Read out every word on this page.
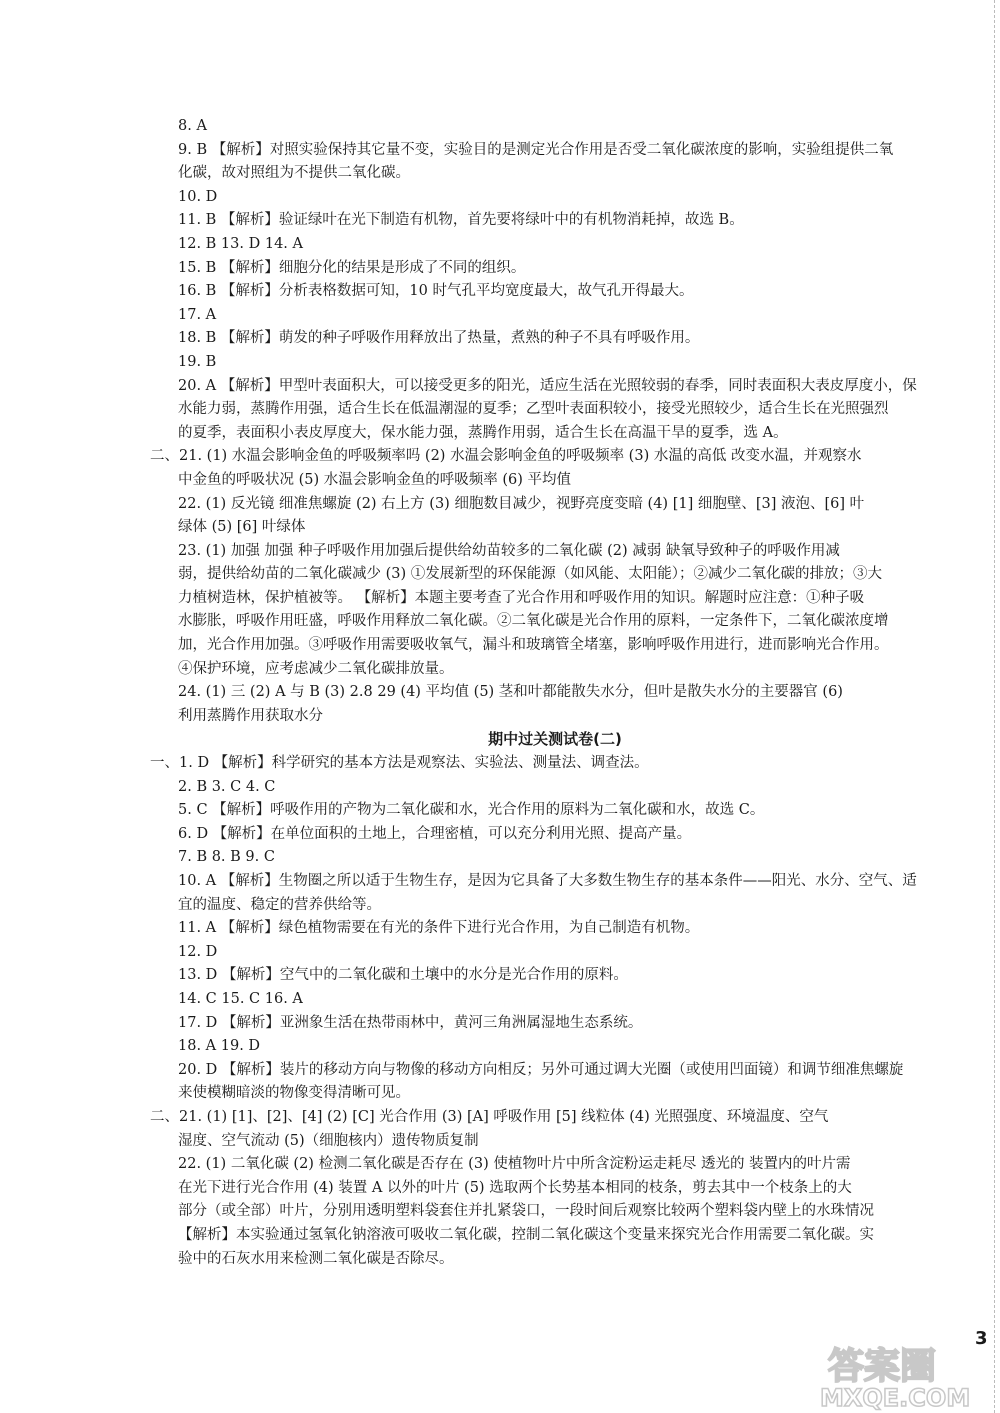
8. A
9. B 【解析】对照实验保持其它量不变，实验目的是测定光合作用是否受二氧化碳浓度的影响，实验组提供二氧
化碳，故对照组为不提供二氧化碳。
10. D
11. B 【解析】验证绿叶在光下制造有机物，首先要将绿叶中的有机物消耗掉，故选 B。
12. B 13. D 14. A
15. B 【解析】细胞分化的结果是形成了不同的组织。
16. B 【解析】分析表格数据可知，10 时气孔平均宽度最大，故气孔开得最大。
17. A
18. B 【解析】萌发的种子呼吸作用释放出了热量，煮熟的种子不具有呼吸作用。
19. B
20. A 【解析】甲型叶表面积大，可以接受更多的阳光，适应生活在光照较弱的春季，同时表面积大表皮厚度小，保
水能力弱，蒸腾作用强，适合生长在低温潮湿的夏季；乙型叶表面积较小，接受光照较少，适合生长在光照强烈
的夏季，表面积小表皮厚度大，保水能力强，蒸腾作用弱，适合生长在高温干旱的夏季，选 A。
二、21. (1) 水温会影响金鱼的呼吸频率吗 (2) 水温会影响金鱼的呼吸频率 (3) 水温的高低 改变水温，并观察水
中金鱼的呼吸状况 (5) 水温会影响金鱼的呼吸频率 (6) 平均值
22. (1) 反光镜 细准焦螺旋 (2) 右上方 (3) 细胞数目减少，视野亮度变暗 (4) [1] 细胞壁、[3] 液泡、[6] 叶
绿体 (5) [6] 叶绿体
23. (1) 加强 加强 种子呼吸作用加强后提供给幼苗较多的二氧化碳 (2) 减弱 缺氧导致种子的呼吸作用减
弱，提供给幼苗的二氧化碳减少 (3) ①发展新型的环保能源（如风能、太阳能）；②减少二氧化碳的排放；③大
力植树造林，保护植被等。 【解析】本题主要考查了光合作用和呼吸作用的知识。解题时应注意：①种子吸
水膨胀，呼吸作用旺盛，呼吸作用释放二氧化碳。②二氧化碳是光合作用的原料，一定条件下，二氧化碳浓度增
加，光合作用加强。③呼吸作用需要吸收氧气，漏斗和玻璃管全堵塞，影响呼吸作用进行，进而影响光合作用。
④保护环境，应考虑减少二氧化碳排放量。
24. (1) 三 (2) A 与 B (3) 2.8 29 (4) 平均值 (5) 茎和叶都能散失水分，但叶是散失水分的主要器官 (6)
利用蒸腾作用获取水分
期中过关测试卷(二)
一、1. D 【解析】科学研究的基本方法是观察法、实验法、测量法、调查法。
2. B 3. C 4. C
5. C 【解析】呼吸作用的产物为二氧化碳和水，光合作用的原料为二氧化碳和水，故选 C。
6. D 【解析】在单位面积的土地上，合理密植，可以充分利用光照、提高产量。
7. B 8. B 9. C
10. A 【解析】生物圈之所以适于生物生存，是因为它具备了大多数生物生存的基本条件——阳光、水分、空气、适
宜的温度、稳定的营养供给等。
11. A 【解析】绿色植物需要在有光的条件下进行光合作用，为自己制造有机物。
12. D
13. D 【解析】空气中的二氧化碳和土壤中的水分是光合作用的原料。
14. C 15. C 16. A
17. D 【解析】亚洲象生活在热带雨林中，黄河三角洲属湿地生态系统。
18. A 19. D
20. D 【解析】装片的移动方向与物像的移动方向相反；另外可通过调大光圈（或使用凹面镜）和调节细准焦螺旋
来使模糊暗淡的物像变得清晰可见。
二、21. (1) [1]、[2]、[4] (2) [C] 光合作用 (3) [A] 呼吸作用 [5] 线粒体 (4) 光照强度、环境温度、空气
湿度、空气流动 (5)（细胞核内）遗传物质复制
22. (1) 二氧化碳 (2) 检测二氧化碳是否存在 (3) 使植物叶片中所含淀粉运走耗尽 透光的 装置内的叶片需
在光下进行光合作用 (4) 装置 A 以外的叶片 (5) 选取两个长势基本相同的枝条，剪去其中一个枝条上的大
部分（或全部）叶片，分别用透明塑料袋套住并扎紧袋口，一段时间后观察比较两个塑料袋内壁上的水珠情况
【解析】本实验通过氢氧化钠溶液可吸收二氧化碳，控制二氧化碳这个变量来探究光合作用需要二氧化碳。实
验中的石灰水用来检测二氧化碳是否除尽。
3
答案圈
MXQE.COM
